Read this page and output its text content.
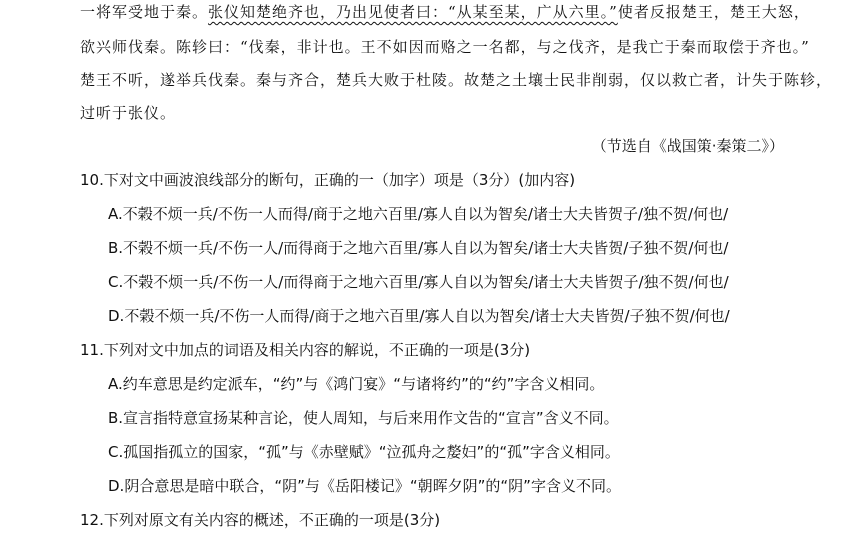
一将军受地于秦。张仪知楚绝齐也，乃出见使者曰：“从某至某，广从六里。”使者反报楚王，楚王大怒，
欲兴师伐秦。陈轸曰：“伐秦，非计也。王不如因而赂之一名都，与之伐齐，是我亡于秦而取偿于齐也。”
楚王不听，遂举兵伐秦。秦与齐合，楚兵大败于杜陵。故楚之土壤士民非削弱，仅以救亡者，计失于陈轸，
过听于张仪。
（节选自《战国策·秦策二》）
10.下对文中画波浪线部分的断句，正确的一（加字）项是（3分）(加内容)
A.不榖不烦一兵/不伤一人而得/商于之地六百里/寡人自以为智矣/诸士大夫皆贺子/独不贺/何也/
B.不榖不烦一兵/不伤一人/而得商于之地六百里/寡人自以为智矣/诸士大夫皆贺/子独不贺/何也/
C.不榖不烦一兵/不伤一人/而得商于之地六百里/寡人自以为智矣/诸士大夫皆贺子/独不贺/何也/
D.不榖不烦一兵/不伤一人而得/商于之地六百里/寡人自以为智矣/诸士大夫皆贺/子独不贺/何也/
11.下列对文中加点的词语及相关内容的解说，不正确的一项是(3分)
A.约车意思是约定派车，“约”与《鸿门宴》“与诸将约”的“约”字含义相同。
B.宣言指特意宣扬某种言论，使人周知，与后来用作文告的“宣言”含义不同。
C.孤国指孤立的国家，“孤”与《赤壁赋》“泣孤舟之嫠妇”的“孤”字含义相同。
D.阴合意思是暗中联合，“阴”与《岳阳楼记》“朝晖夕阴”的“阴”字含义不同。
12.下列对原文有关内容的概述，不正确的一项是(3分)
